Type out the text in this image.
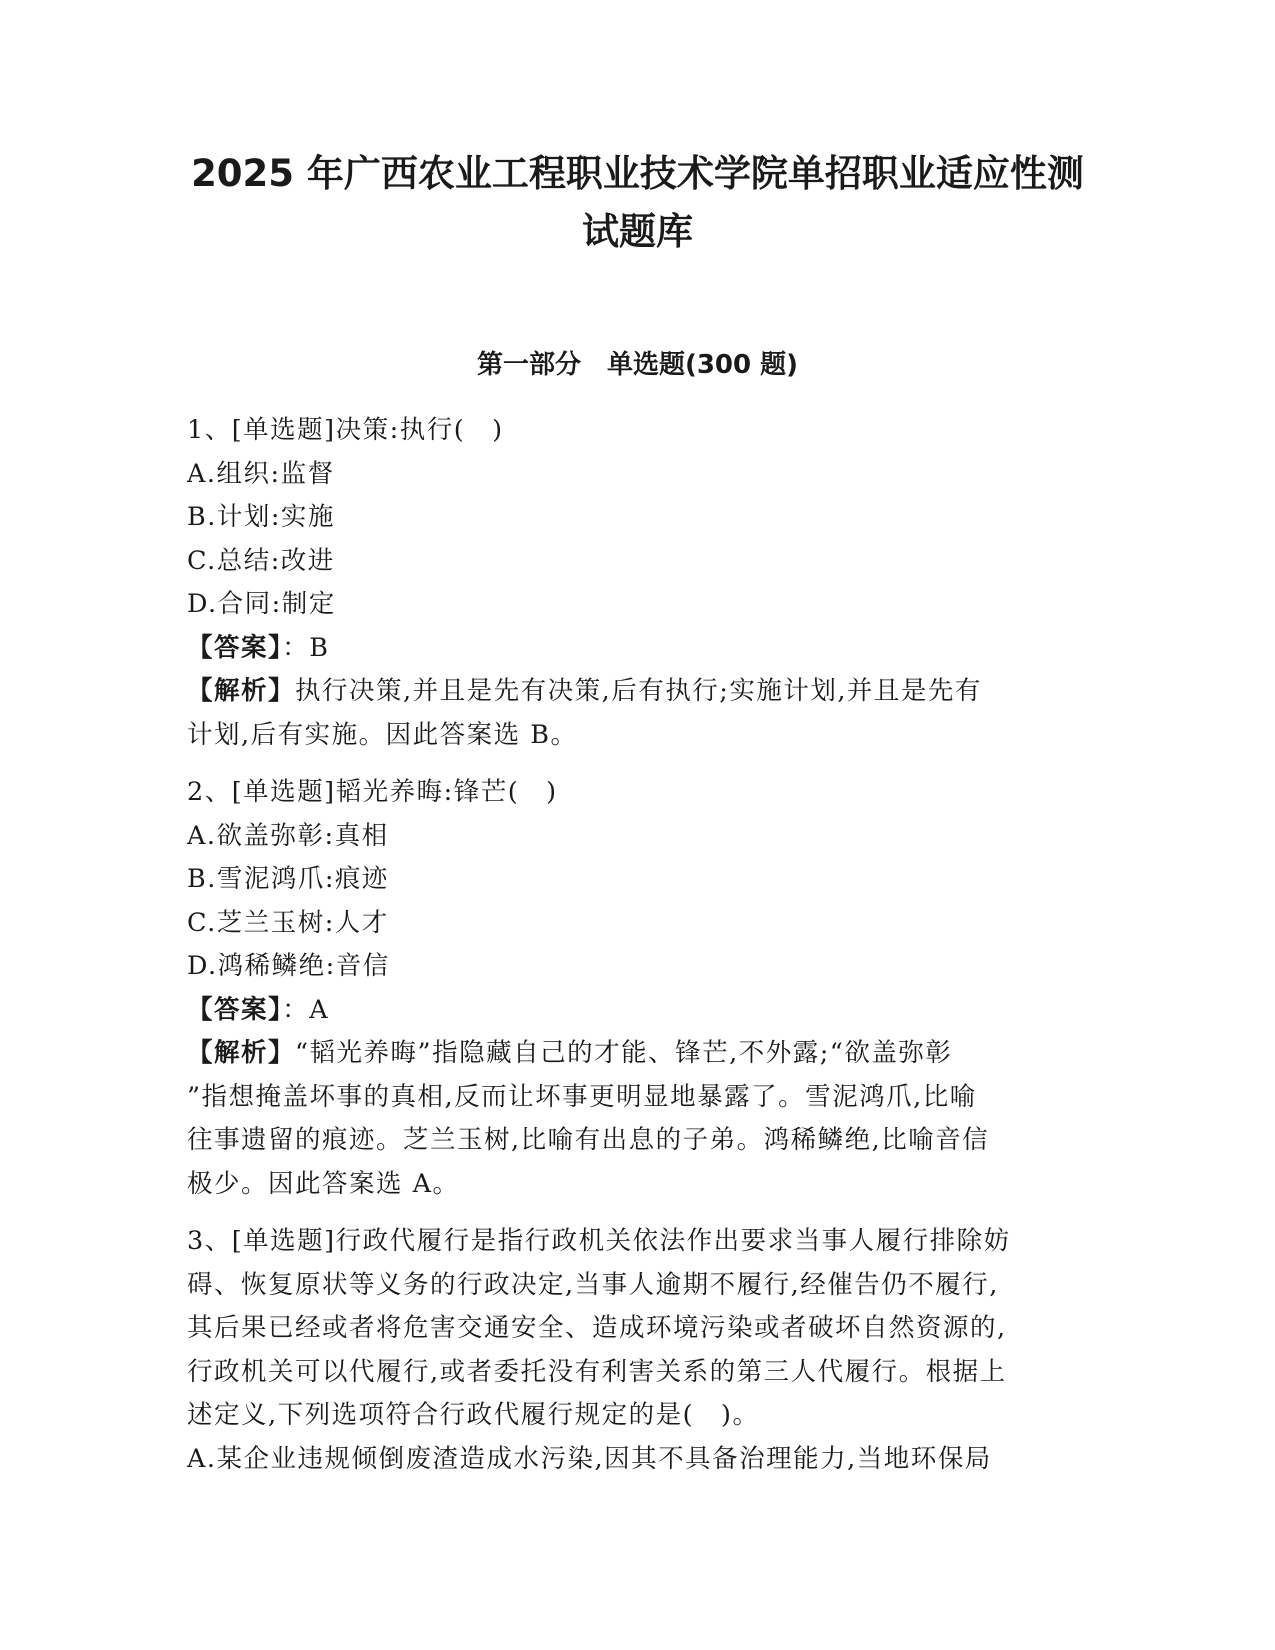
2025 年广西农业工程职业技术学院单招职业适应性测
试题库
第一部分　单选题(300 题)
1、[单选题]决策:执行(　)
A.组织:监督
B.计划:实施
C.总结:改进
D.合同:制定
【答案】：B
【解析】执行决策,并且是先有决策,后有执行;实施计划,并且是先有
计划,后有实施。因此答案选 B。
2、[单选题]韬光养晦:锋芒(　)
A.欲盖弥彰:真相
B.雪泥鸿爪:痕迹
C.芝兰玉树:人才
D.鸿稀鳞绝:音信
【答案】：A
【解析】“韬光养晦”指隐藏自己的才能、锋芒,不外露;“欲盖弥彰
”指想掩盖坏事的真相,反而让坏事更明显地暴露了。雪泥鸿爪,比喻
往事遗留的痕迹。芝兰玉树,比喻有出息的子弟。鸿稀鳞绝,比喻音信
极少。因此答案选 A。
3、[单选题]行政代履行是指行政机关依法作出要求当事人履行排除妨
碍、恢复原状等义务的行政决定,当事人逾期不履行,经催告仍不履行,
其后果已经或者将危害交通安全、造成环境污染或者破坏自然资源的,
行政机关可以代履行,或者委托没有利害关系的第三人代履行。根据上
述定义,下列选项符合行政代履行规定的是(　)。
A.某企业违规倾倒废渣造成水污染,因其不具备治理能力,当地环保局
